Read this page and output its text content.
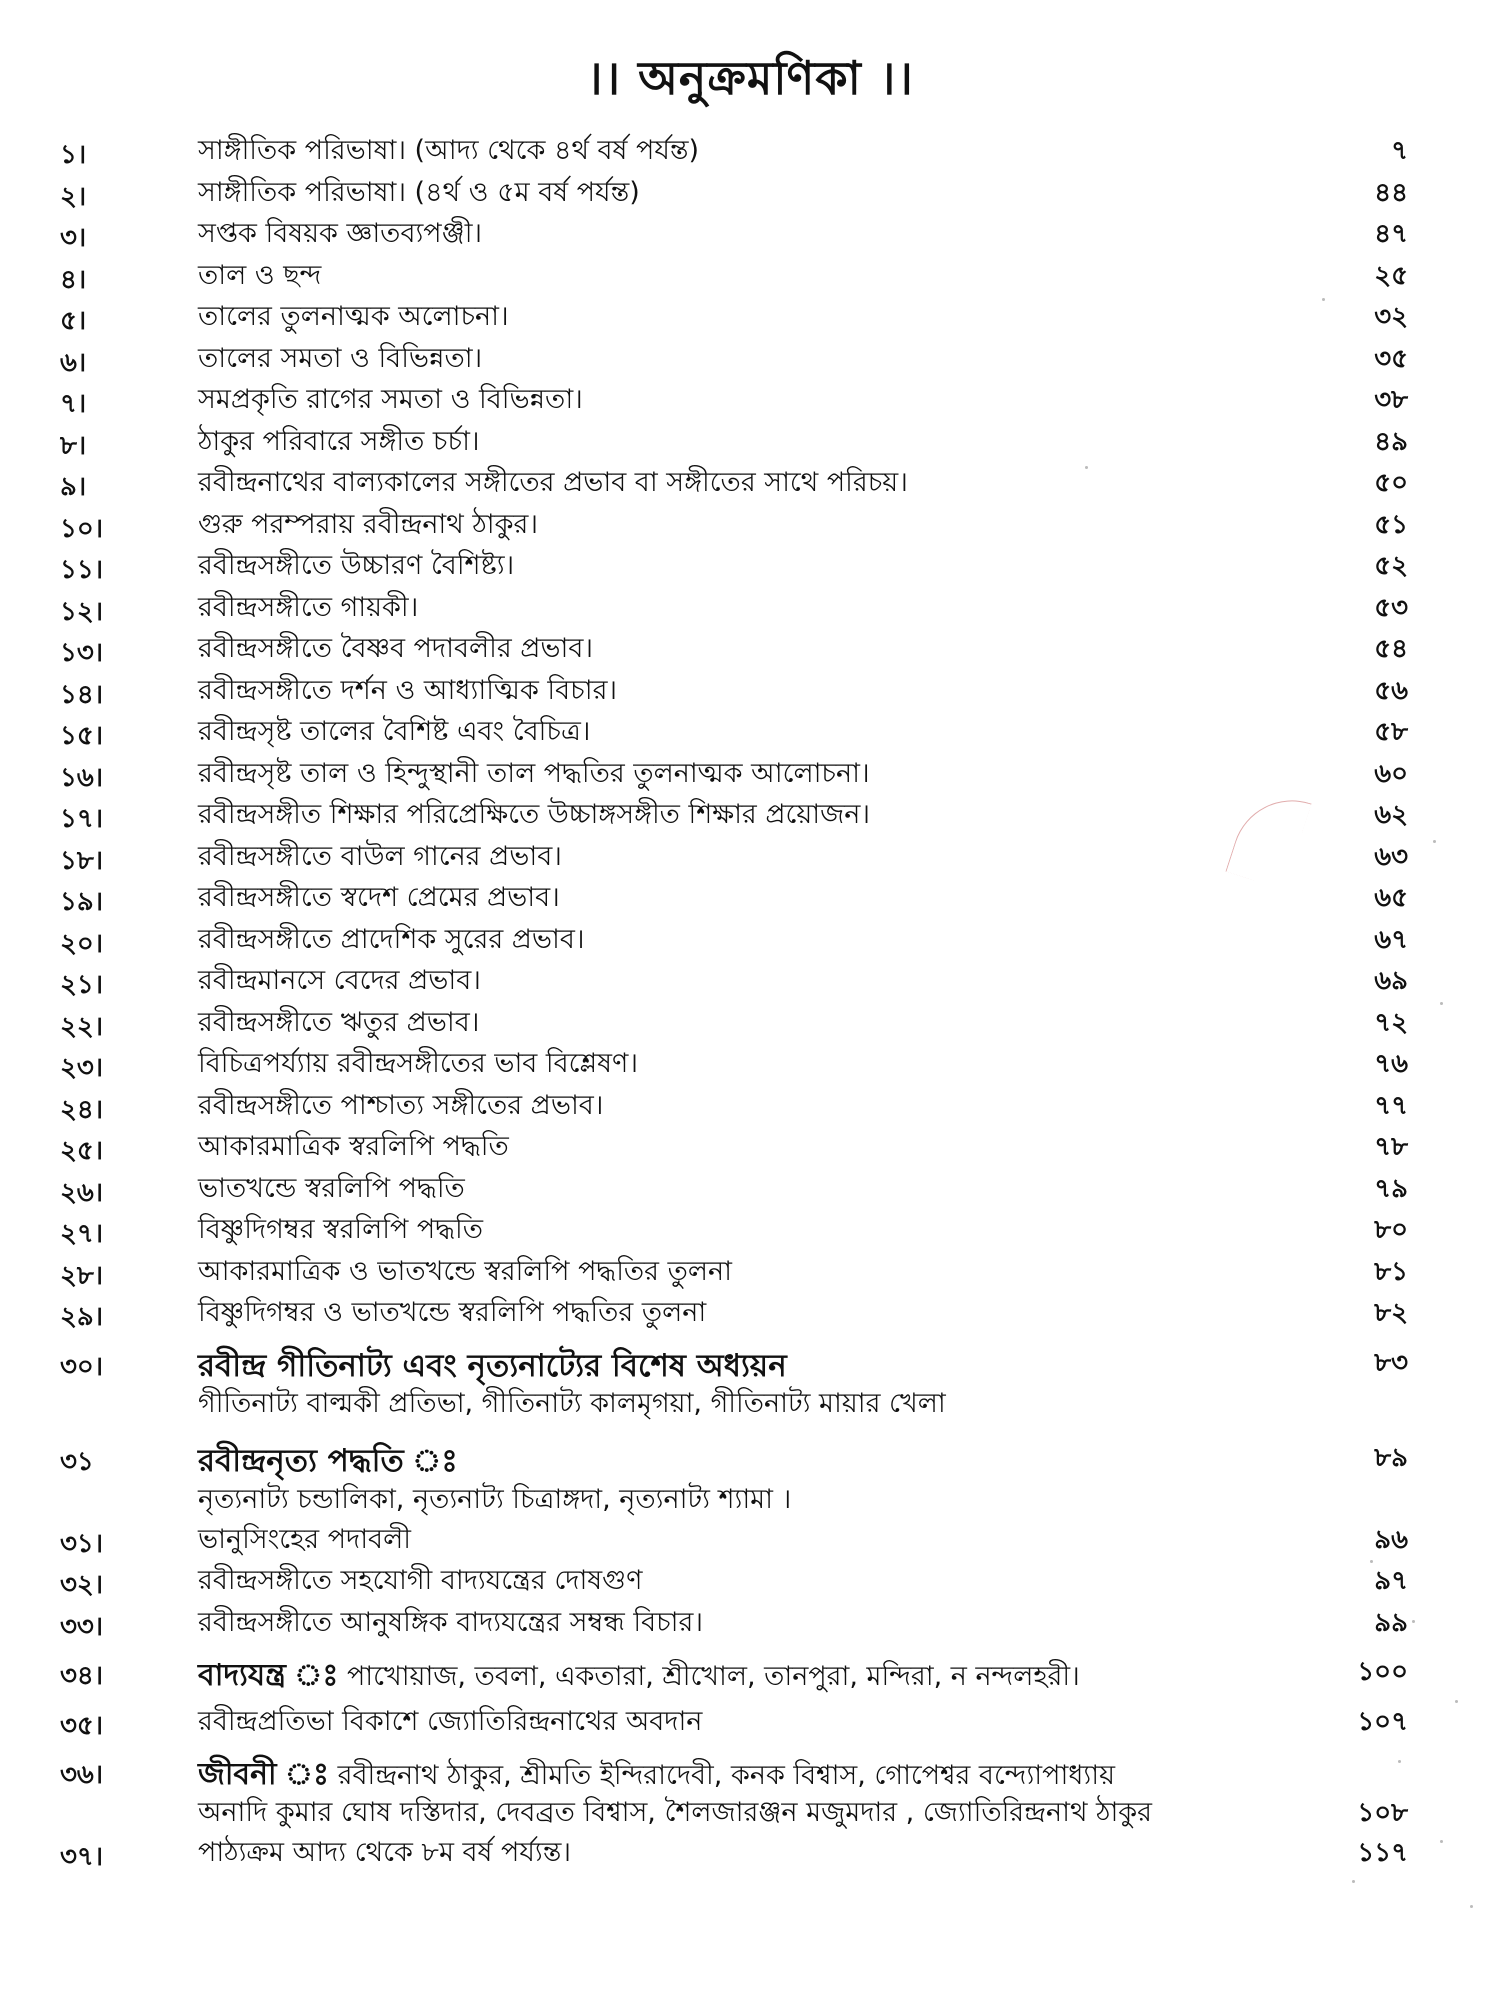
।। অনুক্রমণিকা ।।
১।	সাঙ্গীতিক পরিভাষা। (আদ্য থেকে ৪র্থ বর্ষ পর্যন্ত)	৭
২।	সাঙ্গীতিক পরিভাষা। (৪র্থ ও ৫ম বর্ষ পর্যন্ত)	৪৪
৩।	সপ্তক বিষয়ক জ্ঞাতব্যপঞ্জী।	৪৭
৪।	তাল ও ছন্দ	২৫
৫।	তালের তুলনাত্মক অলোচনা।	৩২
৬।	তালের সমতা ও বিভিন্নতা।	৩৫
৭।	সমপ্রকৃতি রাগের সমতা ও বিভিন্নতা।	৩৮
৮।	ঠাকুর পরিবারে সঙ্গীত চর্চা।	৪৯
৯।	রবীন্দ্রনাথের বাল্যকালের সঙ্গীতের প্রভাব বা সঙ্গীতের সাথে পরিচয়।	৫০
১০।	গুরু পরম্পরায় রবীন্দ্রনাথ ঠাকুর।	৫১
১১।	রবীন্দ্রসঙ্গীতে উচ্চারণ বৈশিষ্ট্য।	৫২
১২।	রবীন্দ্রসঙ্গীতে গায়কী।	৫৩
১৩।	রবীন্দ্রসঙ্গীতে বৈষ্ণব পদাবলীর প্রভাব।	৫৪
১৪।	রবীন্দ্রসঙ্গীতে দর্শন ও আধ্যাত্মিক বিচার।	৫৬
১৫।	রবীন্দ্রসৃষ্ট তালের বৈশিষ্ট এবং বৈচিত্র।	৫৮
১৬।	রবীন্দ্রসৃষ্ট তাল ও হিন্দুস্থানী তাল পদ্ধতির তুলনাত্মক আলোচনা।	৬০
১৭।	রবীন্দ্রসঙ্গীত শিক্ষার পরিপ্রেক্ষিতে উচ্চাঙ্গসঙ্গীত শিক্ষার প্রয়োজন।	৬২
১৮।	রবীন্দ্রসঙ্গীতে বাউল গানের প্রভাব।	৬৩
১৯।	রবীন্দ্রসঙ্গীতে স্বদেশ প্রেমের প্রভাব।	৬৫
২০।	রবীন্দ্রসঙ্গীতে প্রাদেশিক সুরের প্রভাব।	৬৭
২১।	রবীন্দ্রমানসে বেদের প্রভাব।	৬৯
২২।	রবীন্দ্রসঙ্গীতে ঋতুর প্রভাব।	৭২
২৩।	বিচিত্রপর্য্যায় রবীন্দ্রসঙ্গীতের ভাব বিশ্লেষণ।	৭৬
২৪।	রবীন্দ্রসঙ্গীতে পাশ্চাত্য সঙ্গীতের প্রভাব।	৭৭
২৫।	আকারমাত্রিক স্বরলিপি পদ্ধতি	৭৮
২৬।	ভাতখন্ডে স্বরলিপি পদ্ধতি	৭৯
২৭।	বিষ্ণুদিগম্বর স্বরলিপি পদ্ধতি	৮০
২৮।	আকারমাত্রিক ও ভাতখন্ডে স্বরলিপি পদ্ধতির তুলনা	৮১
২৯।	বিষ্ণুদিগম্বর ও ভাতখন্ডে স্বরলিপি পদ্ধতির তুলনা	৮২
৩০।	রবীন্দ্র গীতিনাট্য এবং নৃত্যনাট্যের বিশেষ অধ্যয়ন	৮৩
গীতিনাট্য বাল্মকী প্রতিভা, গীতিনাট্য কালমৃগয়া, গীতিনাট্য মায়ার খেলা
৩১	রবীন্দ্রনৃত্য পদ্ধতি ঃ	৮৯
নৃত্যনাট্য চন্ডালিকা, নৃত্যনাট্য চিত্রাঙ্গদা, নৃত্যনাট্য শ্যামা ।
৩১।	ভানুসিংহের পদাবলী	৯৬
৩২।	রবীন্দ্রসঙ্গীতে সহযোগী বাদ্যযন্ত্রের দোষগুণ	৯৭
৩৩।	রবীন্দ্রসঙ্গীতে আনুষঙ্গিক বাদ্যযন্ত্রের সম্বন্ধ বিচার।	৯৯
৩৪।	বাদ্যযন্ত্র ঃ পাখোয়াজ, তবলা, একতারা, শ্রীখোল, তানপুরা, মন্দিরা, ন নন্দলহরী।	১০০
৩৫।	রবীন্দ্রপ্রতিভা বিকাশে জ্যোতিরিন্দ্রনাথের অবদান	১০৭
৩৬।	জীবনী ঃ রবীন্দ্রনাথ ঠাকুর, শ্রীমতি ইন্দিরাদেবী, কনক বিশ্বাস, গোপেশ্বর বন্দ্যোপাধ্যায়
অনাদি কুমার ঘোষ দস্তিদার, দেবব্রত বিশ্বাস, শৈলজারঞ্জন মজুমদার , জ্যোতিরিন্দ্রনাথ ঠাকুর	১০৮
৩৭।	পাঠ্যক্রম আদ্য থেকে ৮ম বর্ষ পর্য্যন্ত।	১১৭
